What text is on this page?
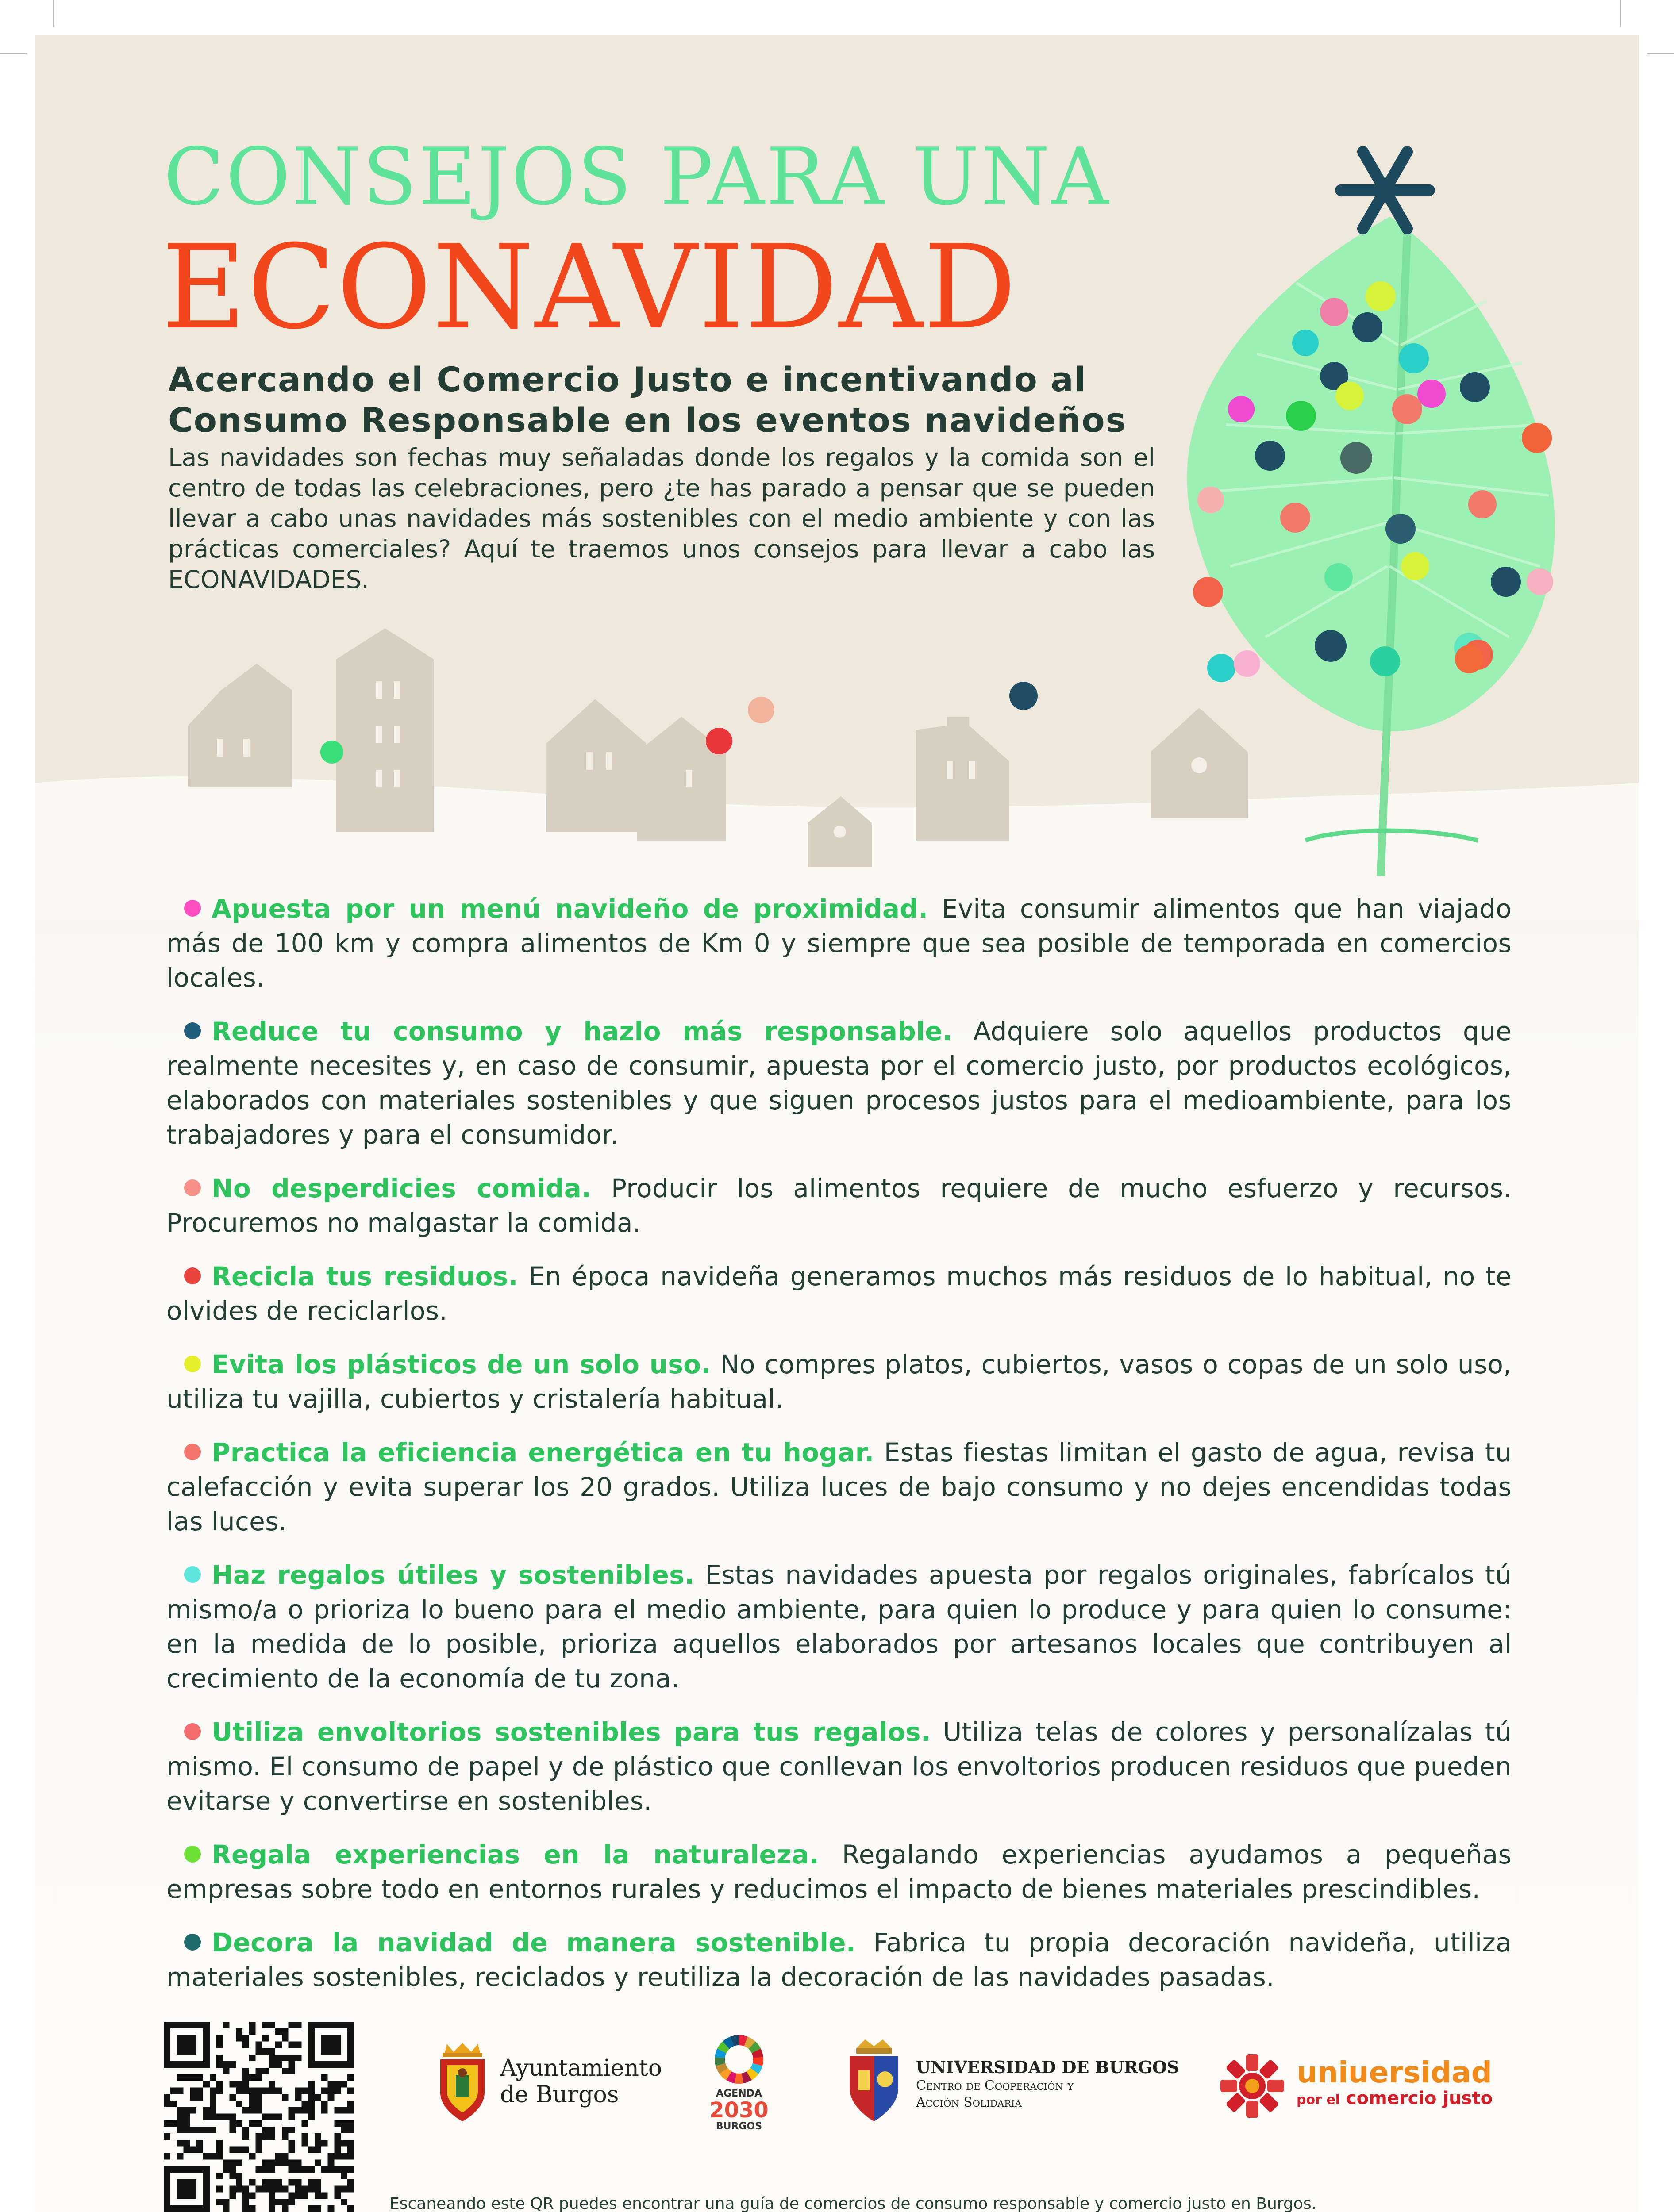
CONSEJOS PARA UNA
ECONAVIDAD
Acercando el Comercio Justo e incentivando al
Consumo Responsable en los eventos navideños
Las navidades son fechas muy señaladas donde los regalos y la comida son el centro de todas las celebraciones, pero ¿te has parado a pensar que se pueden llevar a cabo unas navidades más sostenibles con el medio ambiente y con las prácticas comerciales? Aquí te traemos unos consejos para llevar a cabo las ECONAVIDADES.
Apuesta por un menú navideño de proximidad. Evita consumir alimentos que han viajado más de 100 km y compra alimentos de Km 0 y siempre que sea posible de temporada en comercios locales.
Reduce tu consumo y hazlo más responsable. Adquiere solo aquellos productos que realmente necesites y, en caso de consumir, apuesta por el comercio justo, por productos ecológicos, elaborados con materiales sostenibles y que siguen procesos justos para el medioambiente, para los trabajadores y para el consumidor.
No desperdicies comida. Producir los alimentos requiere de mucho esfuerzo y recursos. Procuremos no malgastar la comida.
Recicla tus residuos. En época navideña generamos muchos más residuos de lo habitual, no te olvides de reciclarlos.
Evita los plásticos de un solo uso. No compres platos, cubiertos, vasos o copas de un solo uso, utiliza tu vajilla, cubiertos y cristalería habitual.
Practica la eficiencia energética en tu hogar. Estas fiestas limitan el gasto de agua, revisa tu calefacción y evita superar los 20 grados. Utiliza luces de bajo consumo y no dejes encendidas todas las luces.
Haz regalos útiles y sostenibles. Estas navidades apuesta por regalos originales, fabrícalos tú mismo/a o prioriza lo bueno para el medio ambiente, para quien lo produce y para quien lo consume: en la medida de lo posible, prioriza aquellos elaborados por artesanos locales que contribuyen al crecimiento de la economía de tu zona.
Utiliza envoltorios sostenibles para tus regalos. Utiliza telas de colores y personalízalas tú mismo. El consumo de papel y de plástico que conllevan los envoltorios producen residuos que pueden evitarse y convertirse en sostenibles.
Regala experiencias en la naturaleza. Regalando experiencias ayudamos a pequeñas empresas sobre todo en entornos rurales y reducimos el impacto de bienes materiales prescindibles.
Decora la navidad de manera sostenible. Fabrica tu propia decoración navideña, utiliza materiales sostenibles, reciclados y reutiliza la decoración de las navidades pasadas.
Ayuntamiento
de Burgos	AGENDA
2030
BURGOS
UNIVERSIDAD DE BURGOS
Centro de Cooperación y
Acción Solidaria
uniuersidad
por el comercio justo
Escaneando este QR puedes encontrar una guía de comercios de consumo responsable y comercio justo en Burgos.
